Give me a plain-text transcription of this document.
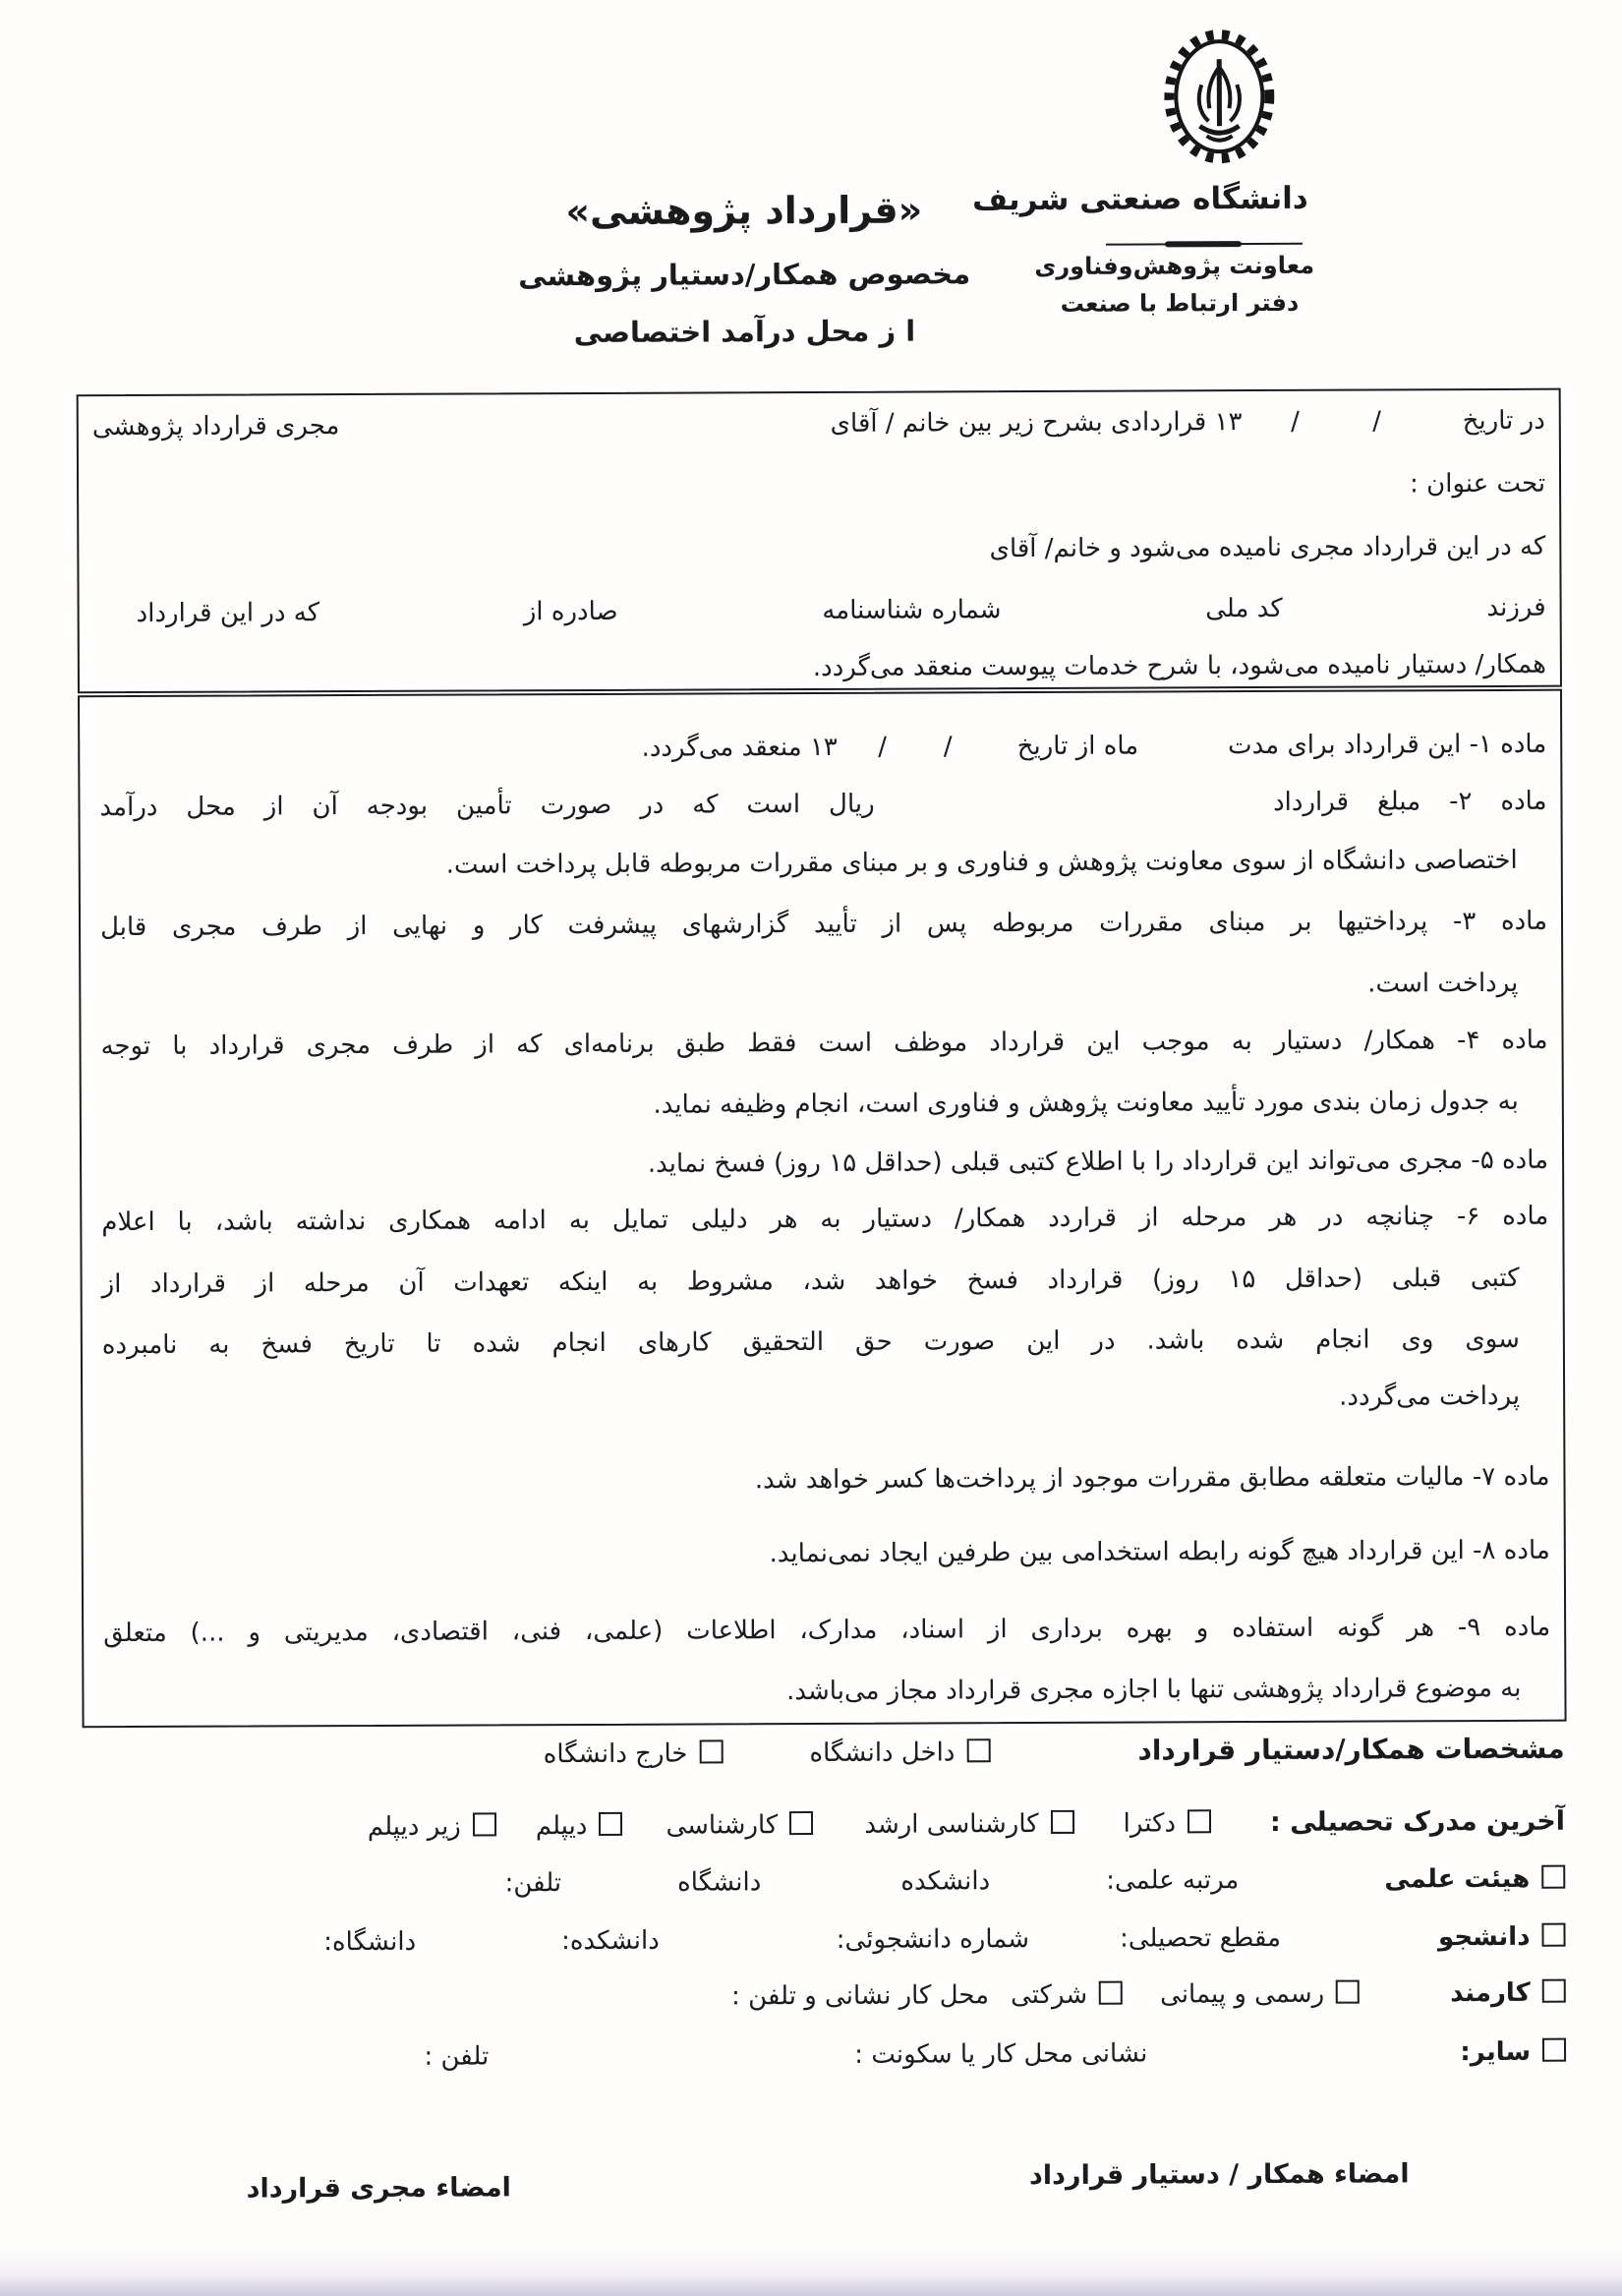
دانشگاه صنعتی شریف
معاونت پژوهش‌وفناوری
دفتر ارتباط با صنعت
«قرارداد پژوهشی»
مخصوص همکار/دستیار پژوهشی
ا ز محل درآمد اختصاصی
در تاریخ          /         /      ۱۳ قراردادی بشرح زیر بین خانم / آقای
مجری قرارداد پژوهشی
تحت عنوان :
که در این قرارداد مجری نامیده می‌شود و خانم/ آقای
فرزند
کد ملی
شماره شناسنامه
صادره از
که در این قرارداد
همکار/ دستیار نامیده می‌شود، با شرح خدمات پیوست منعقد می‌گردد.
ماده ۱- این قرارداد برای مدت           ماه از تاریخ        /       /     ۱۳ منعقد می‌گردد.
ماده ۲- مبلغ قرارداد              ریال است که در صورت تأمین بودجه آن از محل درآمد
اختصاصی دانشگاه از سوی معاونت پژوهش و فناوری و بر مبنای مقررات مربوطه قابل پرداخت است.
ماده ۳- پرداختیها بر مبنای مقررات مربوطه پس از تأیید گزارشهای پیشرفت کار و نهایی از طرف مجری قابل
پرداخت است.
ماده ۴- همکار/ دستیار به موجب این قرارداد موظف است فقط طبق برنامه‌ای که از طرف مجری قرارداد با توجه
به جدول زمان بندی مورد تأیید معاونت پژوهش و فناوری است، انجام وظیفه نماید.
ماده ۵- مجری می‌تواند این قرارداد را با اطلاع کتبی قبلی (حداقل ۱۵ روز) فسخ نماید.
ماده ۶- چنانچه در هر مرحله از قراردد همکار/ دستیار به هر دلیلی تمایل به ادامه همکاری نداشته باشد، با اعلام
کتبی قبلی (حداقل ۱۵ روز) قرارداد فسخ خواهد شد، مشروط به اینکه تعهدات آن مرحله از قرارداد از
سوی وی انجام شده باشد. در این صورت حق التحقیق کارهای انجام شده تا تاریخ فسخ به نامبرده
پرداخت می‌گردد.
ماده ۷- مالیات متعلقه مطابق مقررات موجود از پرداخت‌ها کسر خواهد شد.
ماده ۸- این قرارداد هیچ گونه رابطه استخدامی بین طرفین ایجاد نمی‌نماید.
ماده ۹- هر گونه استفاده و بهره برداری از اسناد، مدارک، اطلاعات (علمی، فنی، اقتصادی، مدیریتی و ...) متعلق
به موضوع قرارداد پژوهشی تنها با اجازه مجری قرارداد مجاز می‌باشد.
مشخصات همکار/دستیار قرارداد
داخل دانشگاه
خارج دانشگاه
آخرین مدرک تحصیلی :
دکترا
کارشناسی ارشد
کارشناسی
دیپلم
زیر دیپلم
هیئت علمی
مرتبه علمی:
دانشکده
دانشگاه
تلفن:
دانشجو
مقطع تحصیلی:
شماره دانشجوئی:
دانشکده:
دانشگاه:
کارمند
رسمی و پیمانی
شرکتی
محل کار نشانی و تلفن :
سایر:
نشانی محل کار یا سکونت :
تلفن :
امضاء همکار / دستیار قرارداد
امضاء مجری قرارداد
